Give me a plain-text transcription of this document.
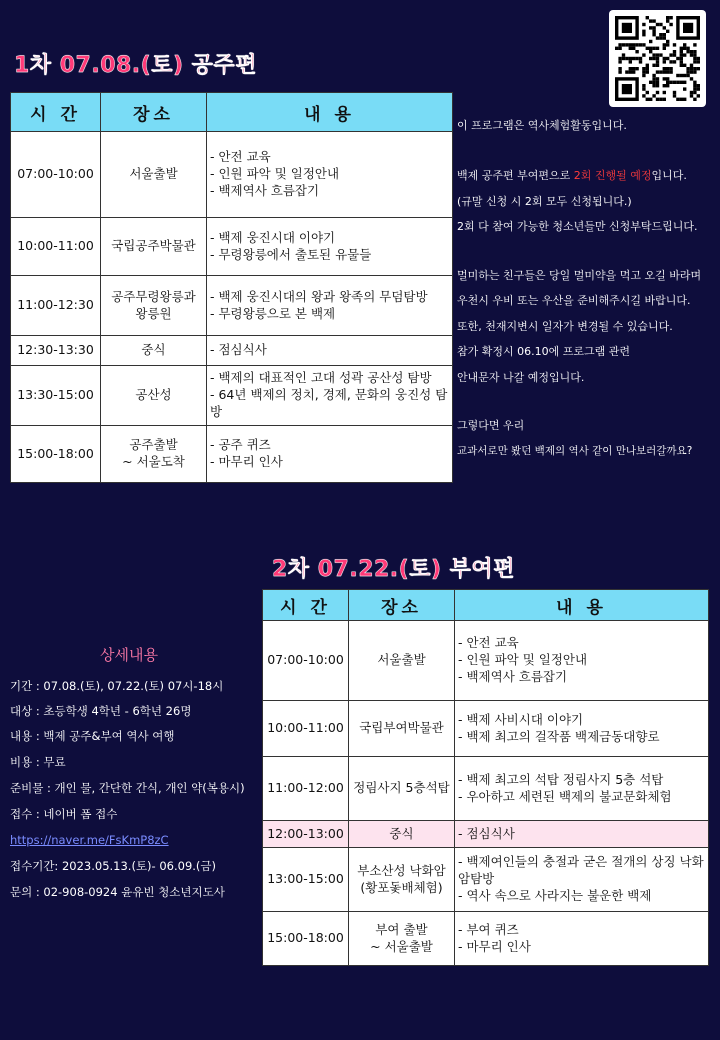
1차 07.08.(토) 공주편
2차 07.22.(토) 부여편
시 간	장소	내 용
07:00-10:00	서울출발	- 안전 교육
- 인원 파악 및 일정안내
- 백제역사 흐름잡기

10:00-11:00	국립공주박물관	- 백제 웅진시대 이야기
- 무령왕릉에서 출토된 유물들

11:00-12:30	공주무령왕릉과
왕릉원	- 백제 웅진시대의 왕과 왕족의 무덤탐방
- 무령왕릉으로 본 백제

12:30-13:30	중식	- 점심식사

13:30-15:00	공산성	- 백제의 대표적인 고대 성곽 공산성 탐방
- 64년 백제의 정치, 경제, 문화의 웅진성 탐방

15:00-18:00	공주출발
~ 서울도착	- 공주 퀴즈
- 마무리 인사
이 프로그램은 역사체험활동입니다.
백제 공주편 부여편으로 2회 진행될 예정입니다.
(규말 신청 시 2회 모두 신청됩니다.)
2회 다 참여 가능한 청소년들만 신청부탁드립니다.
멀미하는 친구들은 당일 멀미약을 먹고 오길 바라며
우천시 우비 또는 우산을 준비해주시길 바랍니다.
또한, 천재지변시 일자가 변경될 수 있습니다.
참가 확정시 06.10에 프로그램 관련
안내문자 나갈 예정입니다.
그렇다면 우리
교과서로만 봤던 백제의 역사 같이 만나보러갈까요?
시 간	장소	내 용
07:00-10:00	서울출발	- 안전 교육
- 인원 파악 및 일정안내
- 백제역사 흐름잡기

10:00-11:00	국립부여박물관	- 백제 사비시대 이야기
- 백제 최고의 걸작품 백제금동대향로

11:00-12:00	정림사지 5층석탑	- 백제 최고의 석탑 정림사지 5층 석탑
- 우아하고 세련된 백제의 불교문화체험

12:00-13:00	중식	- 점심식사

13:00-15:00	부소산성 낙화암
(황포돛배체험)	- 백제여인들의 충절과 굳은 절개의 상징 낙화암탐방
- 역사 속으로 사라지는 불운한 백제

15:00-18:00	부여 출발
~ 서울출발	- 부여 퀴즈
- 마무리 인사
상세내용
기간 : 07.08.(토), 07.22.(토) 07시-18시
대상 : 초등학생 4학년 - 6학년 26명
내용 : 백제 공주&부여 역사 여행
비용 : 무료
준비물 : 개인 물, 간단한 간식, 개인 약(복용시)
접수 : 네이버 폼 접수
https://naver.me/FsKmP8zC
접수기간: 2023.05.13.(토)- 06.09.(금)
문의 : 02-908-0924 윤유빈 청소년지도사
